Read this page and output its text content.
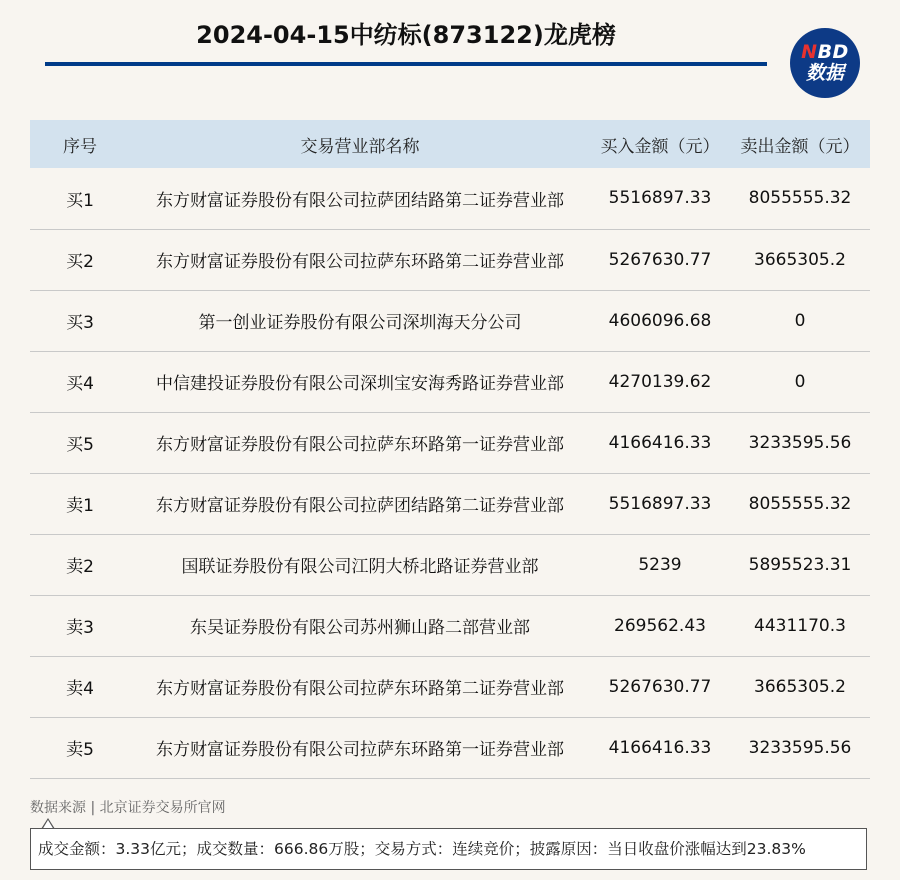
2024-04-15中纺标(873122)龙虎榜
NBD
数据
序号	交易营业部名称	买入金额（元）	卖出金额（元）
买1	东方财富证券股份有限公司拉萨团结路第二证券营业部	5516897.33	8055555.32
买2	东方财富证券股份有限公司拉萨东环路第二证券营业部	5267630.77	3665305.2
买3	第一创业证券股份有限公司深圳海天分公司	4606096.68	0
买4	中信建投证券股份有限公司深圳宝安海秀路证券营业部	4270139.62	0
买5	东方财富证券股份有限公司拉萨东环路第一证券营业部	4166416.33	3233595.56
卖1	东方财富证券股份有限公司拉萨团结路第二证券营业部	5516897.33	8055555.32
卖2	国联证券股份有限公司江阴大桥北路证券营业部	5239	5895523.31
卖3	东吴证券股份有限公司苏州狮山路二部营业部	269562.43	4431170.3
卖4	东方财富证券股份有限公司拉萨东环路第二证券营业部	5267630.77	3665305.2
卖5	东方财富证券股份有限公司拉萨东环路第一证券营业部	4166416.33	3233595.56
数据来源 | 北京证券交易所官网
成交金额：3.33亿元；成交数量：666.86万股；交易方式：连续竞价；披露原因：当日收盘价涨幅达到23.83%
